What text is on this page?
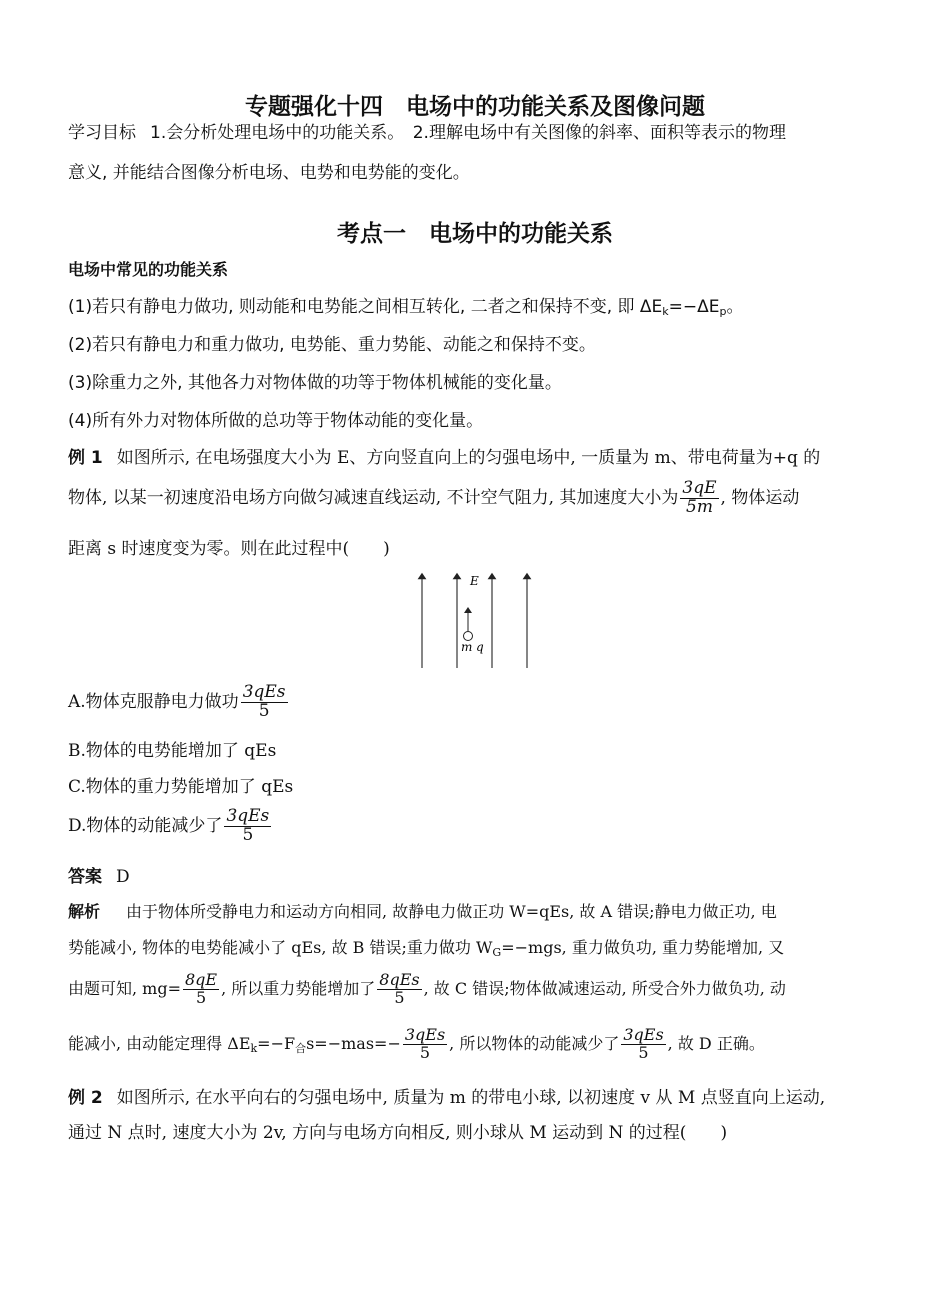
专题强化十四　电场中的功能关系及图像问题
学习目标 1.会分析处理电场中的功能关系。　2.理解电场中有关图像的斜率、面积等表示的物理
意义, 并能结合图像分析电场、电势和电势能的变化。
考点一　电场中的功能关系
电场中常见的功能关系
(1)若只有静电力做功, 则动能和电势能之间相互转化, 二者之和保持不变, 即 $\Delta E_k=-\Delta E_p$。
(2)若只有静电力和重力做功, 电势能、重力势能、动能之和保持不变。
(3)除重力之外, 其他各力对物体做的功等于物体机械能的变化量。
(4)所有外力对物体所做的总功等于物体动能的变化量。
例 1 如图所示, 在电场强度大小为 E、方向竖直向上的匀强电场中, 一质量为 m、带电荷量为+q 的
物体, 以某一初速度沿电场方向做匀减速直线运动, 不计空气阻力, 其加速度大小为 $\frac{3qE}{5m}$ , 物体运动
距离 s 时速度变为零。则在此过程中(　　)
E
m q
A.物体克服静电力做功 $\frac{\text{3qEs}}{5}$
B.物体的电势能增加了 qEs
C.物体的重力势能增加了 qEs
D.物体的动能减少了 $\frac{\text{3qEs}}{5}$
答案 D
解析 由于物体所受静电力和运动方向相同, 故静电力做正功 W=qEs, 故 A 错误;静电力做正功, 电
势能减小, 物体的电势能减小了 qEs, 故 B 错误;重力做功 $W_G=-mgs$, 重力做负功, 重力势能增加, 又
由题可知, $mg= \frac{8qE}{5}$ , 所以重力势能增加了 $\frac{\text{8qEs}}{5}$ , 故 C 错误;物体做减速运动, 所受合外力做负功, 动
能减小, 由动能定理得 $\Delta E_k=-F_合s=-mas=- \frac{\text{3qEs}}{5}$ , 所以物体的动能减少了 $\frac{\text{3qEs}}{5}$ , 故 D 正确。
例 2 如图所示, 在水平向右的匀强电场中, 质量为 m 的带电小球, 以初速度 v 从 M 点竖直向上运动,
通过 N 点时, 速度大小为 2v, 方向与电场方向相反, 则小球从 M 运动到 N 的过程(　　)
